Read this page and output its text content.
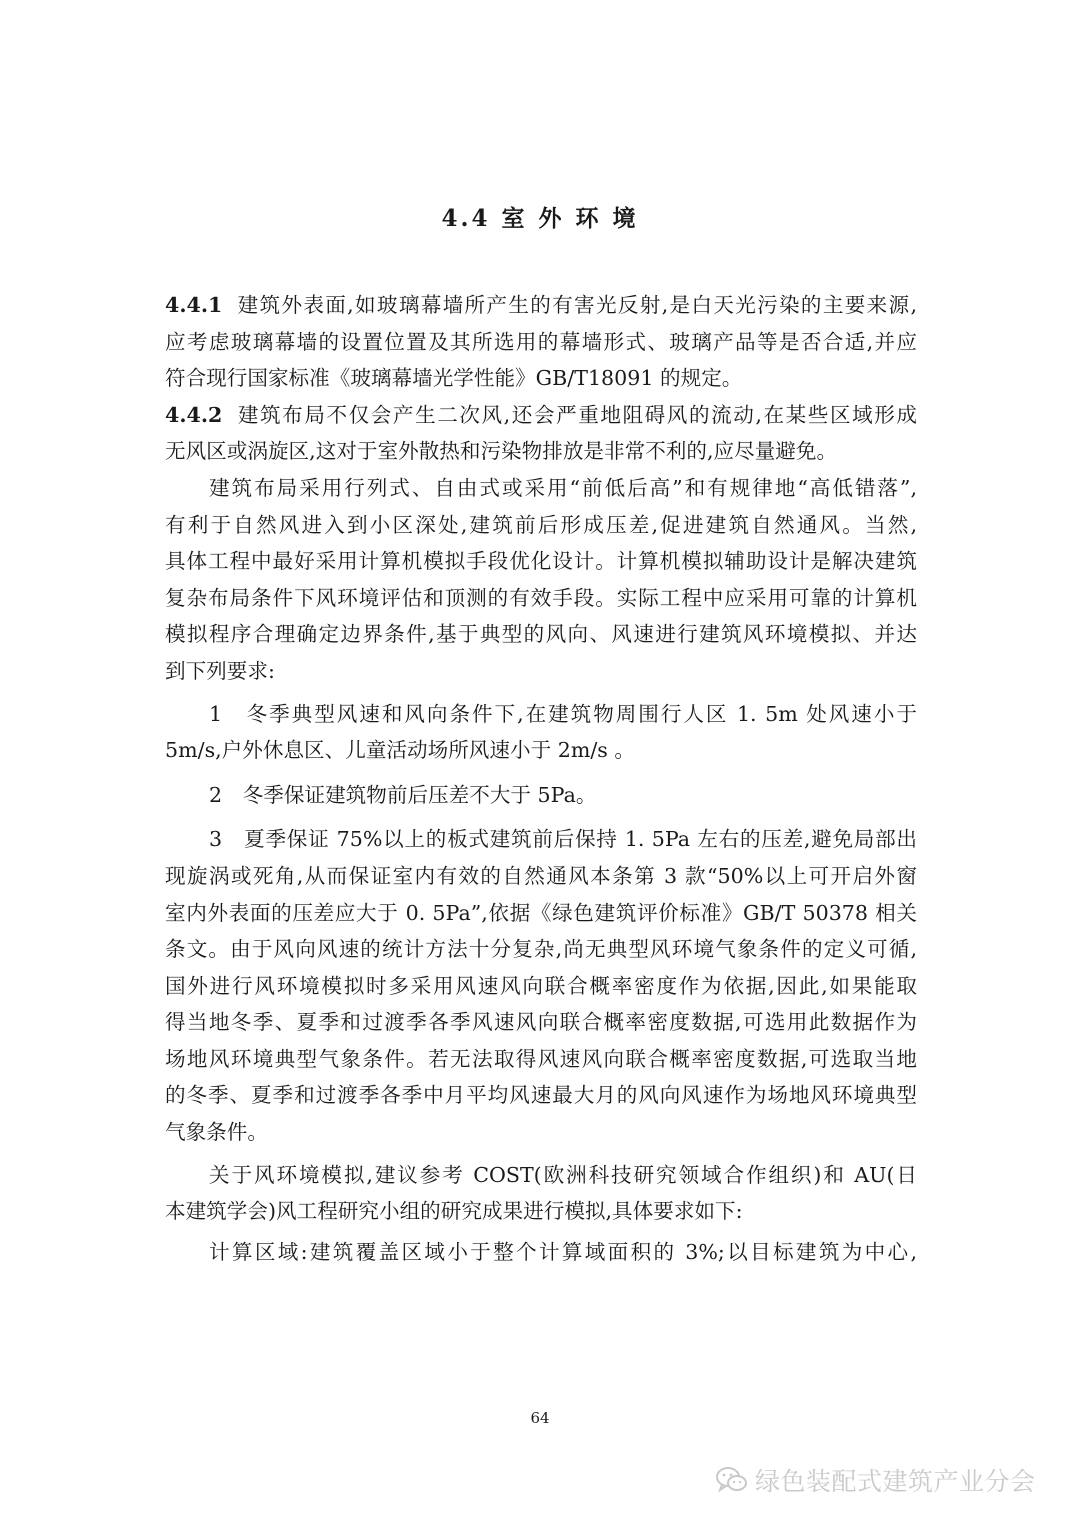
4.4 室 外 环 境
4.4.1 建筑外表面,如玻璃幕墙所产生的有害光反射,是白天光污染的主要来源,
应考虑玻璃幕墙的设置位置及其所选用的幕墙形式、玻璃产品等是否合适,并应
符合现行国家标准《玻璃幕墙光学性能》GB/T18091 的规定。
4.4.2 建筑布局不仅会产生二次风,还会严重地阻碍风的流动,在某些区域形成
无风区或涡旋区,这对于室外散热和污染物排放是非常不利的,应尽量避免。
建筑布局采用行列式、自由式或采用“前低后高”和有规律地“高低错落”,
有利于自然风进入到小区深处,建筑前后形成压差,促进建筑自然通风。当然,
具体工程中最好采用计算机模拟手段优化设计。计算机模拟辅助设计是解决建筑
复杂布局条件下风环境评估和顶测的有效手段。实际工程中应采用可靠的计算机
模拟程序合理确定边界条件,基于典型的风向、风速进行建筑风环境模拟、并达
到下列要求:
1　冬季典型风速和风向条件下,在建筑物周围行人区 1. 5m 处风速小于
5m/s,户外休息区、儿童活动场所风速小于 2m/s 。
2　冬季保证建筑物前后压差不大于 5Pa。
3　夏季保证 75%以上的板式建筑前后保持 1. 5Pa 左右的压差,避免局部出
现旋涡或死角,从而保证室内有效的自然通风本条第 3 款“50%以上可开启外窗
室内外表面的压差应大于 0. 5Pa”,依据《绿色建筑评价标准》GB/T 50378 相关
条文。由于风向风速的统计方法十分复杂,尚无典型风环境气象条件的定义可循,
国外进行风环境模拟时多采用风速风向联合概率密度作为依据,因此,如果能取
得当地冬季、夏季和过渡季各季风速风向联合概率密度数据,可选用此数据作为
场地风环境典型气象条件。若无法取得风速风向联合概率密度数据,可选取当地
的冬季、夏季和过渡季各季中月平均风速最大月的风向风速作为场地风环境典型
气象条件。
关于风环境模拟,建议参考 COST(欧洲科技研究领域合作组织)和 AU(日
本建筑学会)风工程研究小组的研究成果进行模拟,具体要求如下:
计算区域:建筑覆盖区域小于整个计算域面积的 3%;以目标建筑为中心,
64
绿色装配式建筑产业分会
